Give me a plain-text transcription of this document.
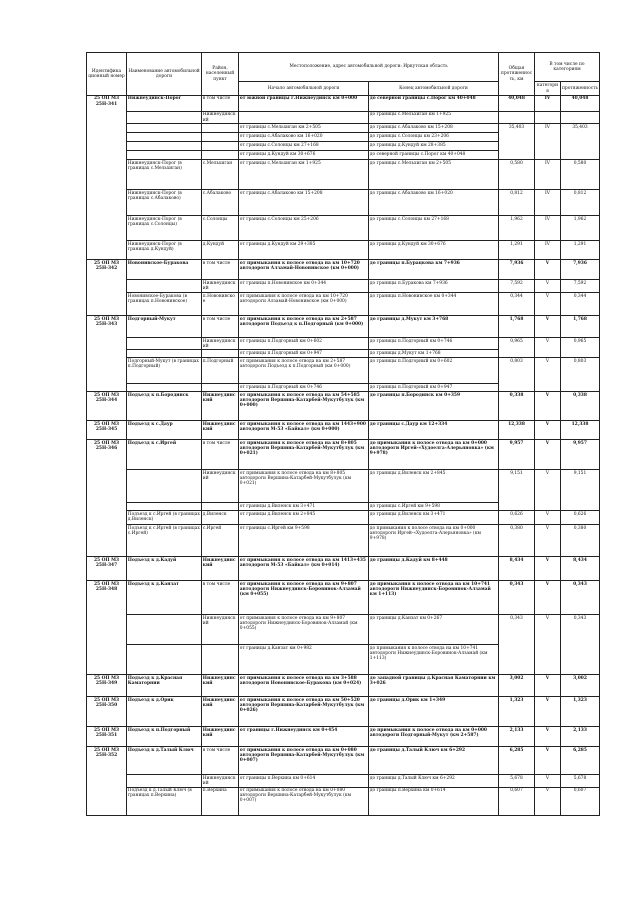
Идентифика ционный номер	Наименование автомобильной дороги	Район, населенный пункт	Местоположение, адрес автомобильной дороги: Иркутская область		Общая протяженность, км	В том числе по категориям	
			Начало автомобильной дороги	Конец автомобильной дороги		категория	протяженность
25 ОП М3 25Н-341	Нижнеудинск-Порог	в том числе	от южной границы г.Нижнеудинск км 0+000	до северной границы с.Порог км 40+048	40,048	IV	40,048
		Нижнеудинский		до границы с.Мельхиган км 1+925			
			от границы с.Мельхиган км 2+505	до границы с.Абалаково км 15+208	35,403	IV	35,403
			от границы с.Абалаково км 16+020	до границы с.Солонцы км 23+206			
			от границы с.Солонцы км 27+168	до границы д.Кундуй км 28+385			
			от границы д.Кундуй км 30+676	до северной границы с.Порог км 40+048			
	Нижнеудинск-Порог (в границах с.Мельхиган)	с.Мельхиган	от границы с.Мельхиган км 1+925	до границы с.Мельхиган км 2+505	0,580	IV	0,580
	Нижнеудинск-Порог (в границах с.Абалаково)	с.Абалаково	от границы с.Абалаково км 15+208	до границы с.Абалаково км 16+020	0,812	IV	0,812
	Нижнеудинск-Порог (в границах с.Солонцы)	с.Солонцы	от границы с.Солонцы км 25+206	до границы с.Солонцы км 27+168	1,962	IV	1,962
	Нижнеудинск-Порог (в границах д.Кундуй)	д.Кундуй	от границы д.Кундуй км 29+385	до границы д.Кундуй км 30+676	1,291	IV	1,291
25 ОП М3 25Н-342	Новонивское-Буракова	в том числе	от примыкания к полосе отвода на км 10+720 автодороги Алзамай-Новонивское (км 0+000)	до границы п.Бурацкова км 7+936	7,936	V	7,936
		Нижнеудинский	от границы п.Новонивское км 0+344	до границы п.Буракова км 7+936	7,592	V	7,592
	Новонивское-Буракова (в границах п.Новонивское)	п.Новонивское	от примыкания к полосе отвода на км 10+720 автодороги Алзамай-Новонивское (км 0+000)	до границы п.Новонивское км 0+344	0,344	V	0,344
25 ОП М3 25Н-343	Подгорный-Мукут	в том числе	от примыкания к полосе отвода на км 2+587 автодороги Подъезд к п.Подгорный (км 0+000)	до границы д.Мукут км 3+768	1,768	V	1,768
		Нижнеудинский	от границы п.Подгорный км 0+602	до границы п.Подгорный км 0+746	0,965	V	0,965
			от границы п.Подгорный км 0+947	до границы д.Мукут км 1+768			
	Подгорный-Мукут (в границах п.Подгорный)	п.Подгорный	от примыкания к полосе отвода на км 2+587 автодороги Подъезд к п.Подгорный (км 0+000)	до границы п.Подгорный км 0+602	0,803	V	0,803
			от границы п.Подгорный км 0+746	до границы п.Подгорный км 0+947			
25 ОП М3 25Н-344	Подъезд к п.Бородинск	Нижнеудинский	от примыкания к полосе отвода на км 54+585 автодороги Вершина-Катарбей-Мукутбулук (км 0+000)	до границы п.Бородинск км 0+359	0,338	V	0,338
25 ОП М3 25Н-345	Подъезд к с.Даур	Нижнеудинский	от примыкания к полосе отвода на км 1443+900 автодороги М-53 «Байкал» (км 0+000)	до границы с.Даур км 12+334	12,338	V	12,338
25 ОП М3 25Н-346	Подъезд к с.Иргей	в том числе	от примыкания к полосе отвода на км 8+805 автодороги Вершина-Катарбей-Мукутбулук (км 0+021)	до примыкания к полосе отвода на км 0+000 автодороги Иргей-«Худоелга-Алерьяновка» (км 9+978)	9,957	V	9,957
		Нижнеудинский	от примыкания к полосе отвода на км 8+805 автодороги Вершина-Катарбей-Мукутбулук (км 0+021)	до границы д.Виленск км 2+845	9,151	V	9,151
			от границы д.Виленск км 3+471	до границы с.Иргей км 9+598			
	Подъезд к с.Иргей (в границах д.Виленск)	д.Виленск	от границы д.Виленск км 2+845	до границы д.Виленск км 3+471	0,626	V	0,626
	Подъезд к с.Иргей (в границах с.Иргей)	с.Иргей	от границы с.Иргей км 9+598	до примыкания к полосе отвода на км 0+000 автодороги Иргей-«Худоелга-Алерьяновка» (км 9+978)	0,380	V	0,380
25 ОП М3 25Н-347	Подъезд к д.Кадуй	Нижнеудинский	от примыкания к полосе отвода на км 1413+435 автодороги М-53 «Байкал» (км 0+014)	до границы д.Кадуй км 8+448	8,434	V	8,434
25 ОП М3 25Н-348	Подъезд к д.Канзат	в том числе	от примыкания к полосе отвода на км 9+807 автодороги Нижнеудинск-Боровинок-Алзамай (км 0+055)	до примыкания к полосе отвода на км 10+741 автодороги Нижнеудинск-Боровинок-Алзамай км 1+113)	0,343	V	0,343
		Нижнеудинский	от примыкания к полосе отвода на км 9+807 автодороги Нижнеудинск-Боровинок-Алзамай (км 0+055)	до границы д.Канзат км 0+267	0,343	V	0,343
			от границы д.Канзат км 0+982	до примыкания к полосе отвода на км 10+741 автодороги Нижнеудинск-Боровинок-Алзамай (км 1+113)			
25 ОП М3 25Н-349	Подъезд к д.Красная Каматорнии	Нижнеудинский	от примыкания к полосе отвода на км 3+588 автодороги Новонивское-Буракова (км 0+024)	до западной границы д.Красная Каматорнии км 3+026	3,002	V	3,002
25 ОП М3 25Н-350	Подъезд к д.Орик	Нижнеудинский	от примыкания к полосе отвода на км 50+520 автодороги Вершина-Катарбей-Мукутбулук (км 0+026)	до границы д.Орик км 1+349	1,323	V	1,323
25 ОП М3 25Н-351	Подъезд к п.Подгорный	Нижнеудинский	от границы г.Нижнеудинск км 0+454	до примыкания к полосе отвода на км 0+000 автодороги Подгорный-Мукут (км 2+587)	2,133	V	2,133
25 ОП М3 25Н-352	Подъезд к д.Талый Ключ	в том числе	от примыкания к полосе отвода на км 0+080 автодороги Вершина-Катарбей-Мукутбулук (км 0+007)	до границы д.Талый Ключ км 6+292	6,285	V	6,285
		Нижнеудинский	от границы п.Верхина км 0+614	до границы д.Талый Ключ км 6+292	5,678	V	5,678
	Подъезд к д.Талый Ключ (в границах п.Верхина)	п.Верхина	от примыкания к полосе отвода на км 0+080 автодороги Вершина-Катарбей-Мукутбулук (км 0+007)	до границы п.Верхина км 0+614	0,607	V	0,607
